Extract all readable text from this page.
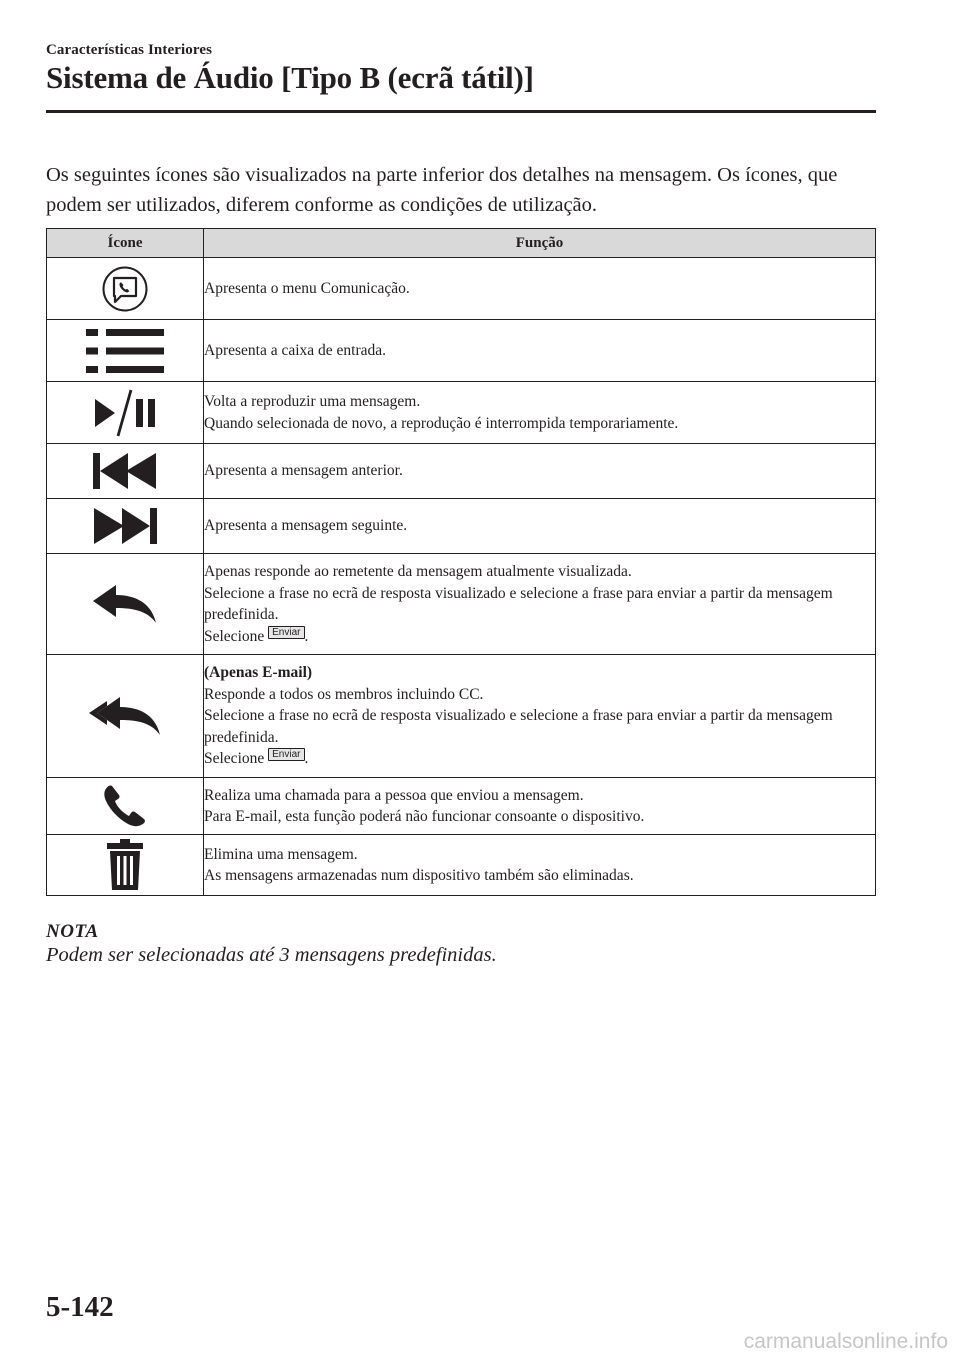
Características Interiores
Sistema de Áudio [Tipo B (ecrã tátil)]

Os seguintes ícones são visualizados na parte inferior dos detalhes na mensagem. Os ícones, que podem ser utilizados, diferem conforme as condições de utilização.

Ícone	Função

Apresenta o menu Comunicação.

Apresenta a caixa de entrada.

Volta a reproduzir uma mensagem.
Quando selecionada de novo, a reprodução é interrompida temporariamente.

Apresenta a mensagem anterior.

Apresenta a mensagem seguinte.

Apenas responde ao remetente da mensagem atualmente visualizada.
Selecione a frase no ecrã de resposta visualizado e selecione a frase para enviar a partir da mensagem predefinida.
Selecione Enviar .

(Apenas E-mail)
Responde a todos os membros incluindo CC.
Selecione a frase no ecrã de resposta visualizado e selecione a frase para enviar a partir da mensagem predefinida.
Selecione Enviar .

Realiza uma chamada para a pessoa que enviou a mensagem.
Para E-mail, esta função poderá não funcionar consoante o dispositivo.

Elimina uma mensagem.
As mensagens armazenadas num dispositivo também são eliminadas.
NOTA
Podem ser selecionadas até 3 mensagens predefinidas.
5-142
carmanualsonline.info
